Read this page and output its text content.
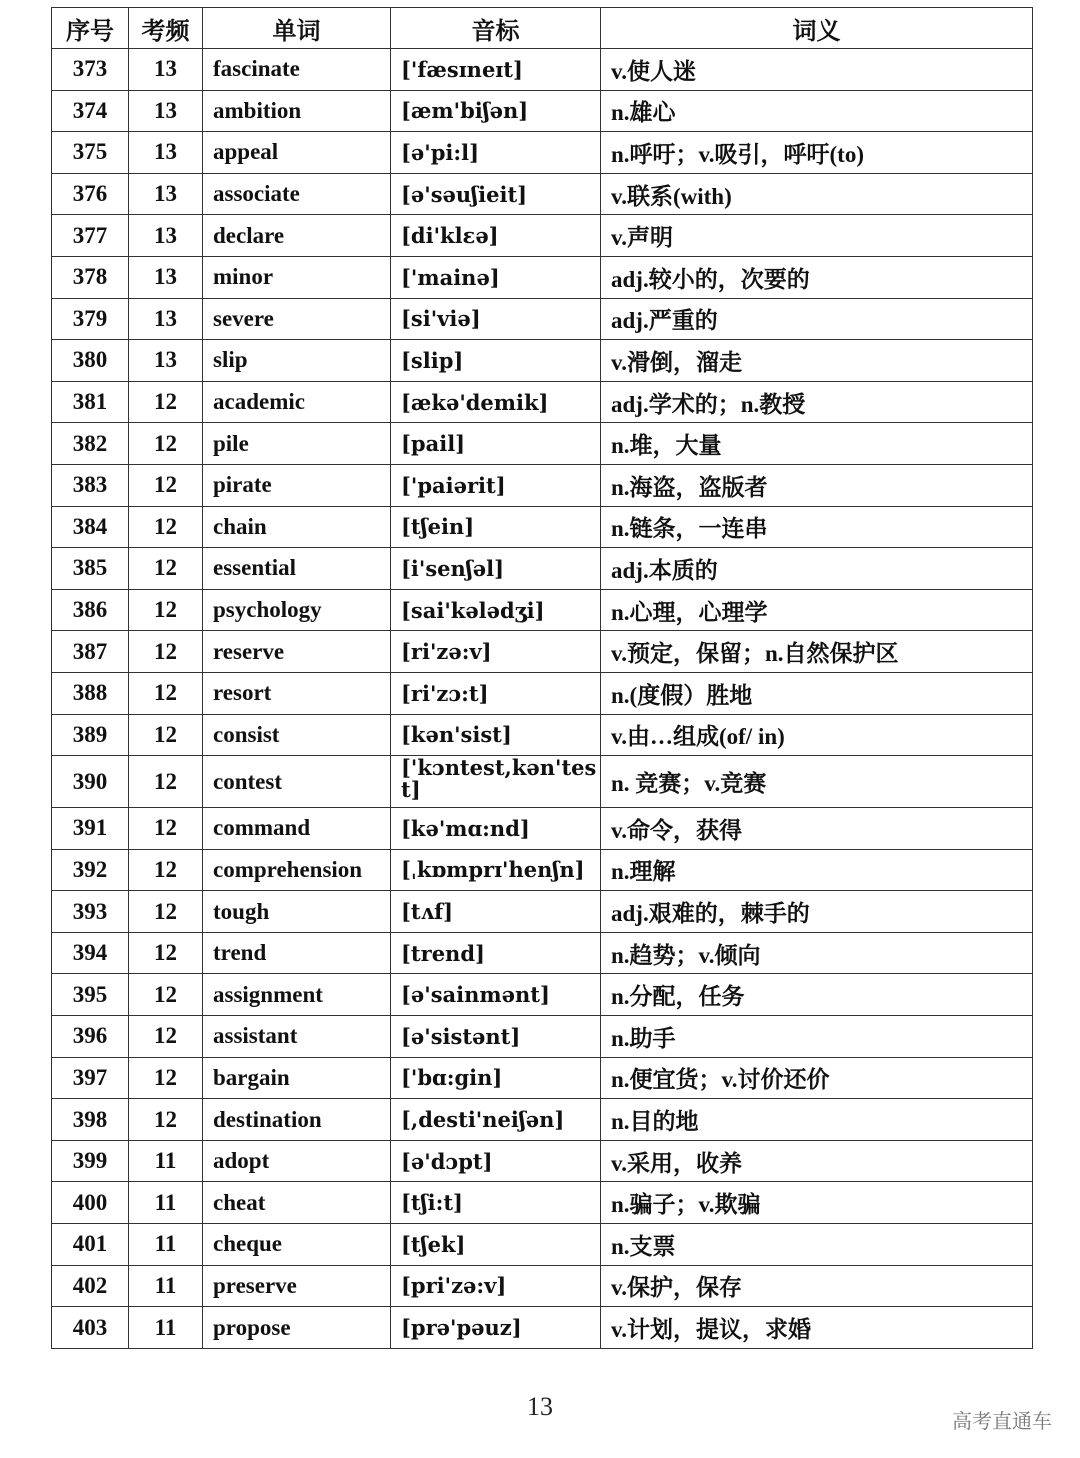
序号	考频	单词	音标	词义
373	13	fascinate	['fæsɪneɪt]	v.使人迷
374	13	ambition	[æm'biʃən]	n.雄心
375	13	appeal	[ə'pi:l]	n.呼吁；v.吸引，呼吁(to)
376	13	associate	[ə'səuʃieit]	v.联系(with)
377	13	declare	[di'klɛə]	v.声明
378	13	minor	['mainə]	adj.较小的，次要的
379	13	severe	[si'viə]	adj.严重的
380	13	slip	[slip]	v.滑倒，溜走
381	12	academic	[ækə'demik]	adj.学术的；n.教授
382	12	pile	[pail]	n.堆，大量
383	12	pirate	['paiərit]	n.海盗，盗版者
384	12	chain	[tʃein]	n.链条，一连串
385	12	essential	[i'senʃəl]	adj.本质的
386	12	psychology	[sai'kələdʒi]	n.心理，心理学
387	12	reserve	[ri'zə:v]	v.预定，保留；n.自然保护区
388	12	resort	[ri'zɔ:t]	n.(度假）胜地
389	12	consist	[kən'sist]	v.由…组成(of/ in)
390	12	contest	['kɔntest,kən'test]	n. 竞赛；v.竞赛
391	12	command	[kə'mɑ:nd]	v.命令，获得
392	12	comprehension	[ˌkɒmprɪ'henʃn]	n.理解
393	12	tough	[tʌf]	adj.艰难的，棘手的
394	12	trend	[trend]	n.趋势；v.倾向
395	12	assignment	[ə'sainmənt]	n.分配，任务
396	12	assistant	[ə'sistənt]	n.助手
397	12	bargain	['bɑ:gin]	n.便宜货；v.讨价还价
398	12	destination	[,desti'neiʃən]	n.目的地
399	11	adopt	[ə'dɔpt]	v.采用，收养
400	11	cheat	[tʃi:t]	n.骗子；v.欺骗
401	11	cheque	[tʃek]	n.支票
402	11	preserve	[pri'zə:v]	v.保护，保存
403	11	propose	[prə'pəuz]	v.计划，提议，求婚
13	高考直通车
